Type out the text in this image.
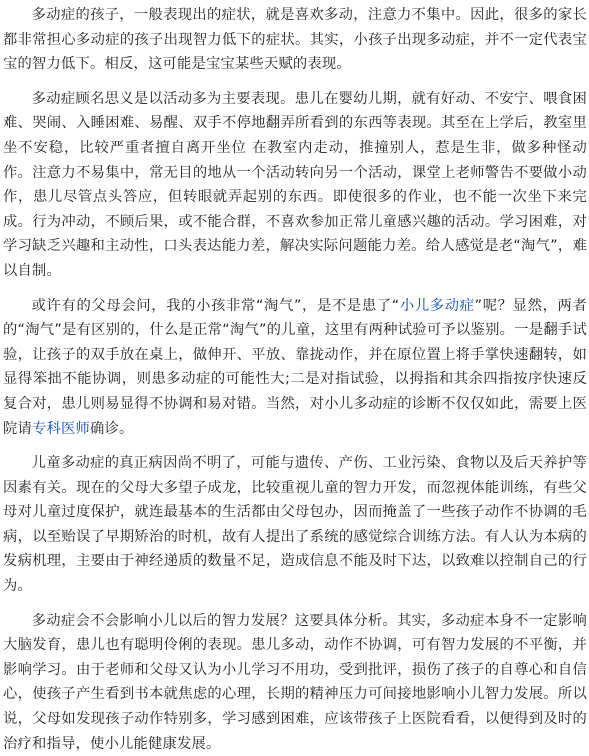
多动症的孩子，一般表现出的症状，就是喜欢多动，注意力不集中。因此，很多的家长都非常担心多动症的孩子出现智力低下的症状。其实，小孩子出现多动症，并不一定代表宝宝的智力低下。相反，这可能是宝宝某些天赋的表现。

多动症顾名思义是以活动多为主要表现。患儿在婴幼儿期，就有好动、不安宁、喂食困难、哭闹、入睡困难、易醒、双手不停地翻弄所看到的东西等表现。其至在上学后，教室里坐不安稳，比较严重者擅自离开坐位 在教室内走动，推撞别人，惹是生非，做多种怪动作。注意力不易集中，常无目的地从一个活动转向另一个活动，课堂上老师警告不要做小动作，患儿尽管点头答应，但转眼就弄起别的东西。即使很多的作业，也不能一次坐下来完成。行为冲动，不顾后果，或不能合群，不喜欢参加正常儿童感兴趣的活动。学习困难，对学习缺乏兴趣和主动性，口头表达能力差，解决实际问题能力差。给人感觉是老“淘气”，难以自制。

或许有的父母会问，我的小孩非常“淘气”，是不是患了“小儿多动症”呢？显然，两者的“淘气”是有区别的，什么是正常“淘气”的儿童，这里有两种试验可予以鉴别。一是翻手试验，让孩子的双手放在桌上，做伸开、平放、靠拢动作，并在原位置上将手掌快速翻转，如显得笨拙不能协调，则患多动症的可能性大;二是对指试验，以拇指和其余四指按序快速反复合对，患儿则易显得不协调和易对错。当然，对小儿多动症的诊断不仅仅如此，需要上医院请专科医师确诊。

儿童多动症的真正病因尚不明了，可能与遗传、产伤、工业污染、食物以及后天养护等因素有关。现在的父母大多望子成龙，比较重视儿童的智力开发，而忽视体能训练，有些父母对儿童过度保护，就连最基本的生活都由父母包办，因而掩盖了一些孩子动作不协调的毛病，以至贻误了早期矫治的时机，故有人提出了系统的感觉综合训练方法。有人认为本病的发病机理，主要由于神经递质的数量不足，造成信息不能及时下达，以致难以控制自己的行为。

多动症会不会影响小儿以后的智力发展？这要具体分析。其实，多动症本身不一定影响大脑发育，患儿也有聪明伶俐的表现。患儿多动，动作不协调，可有智力发展的不平衡，并影响学习。由于老师和父母又认为小儿学习不用功，受到批评，损伤了孩子的自尊心和自信心，使孩子产生看到书本就焦虑的心理，长期的精神压力可间接地影响小儿智力发展。所以说，父母如发现孩子动作特别多，学习感到困难，应该带孩子上医院看看，以便得到及时的治疗和指导，使小儿能健康发展。
